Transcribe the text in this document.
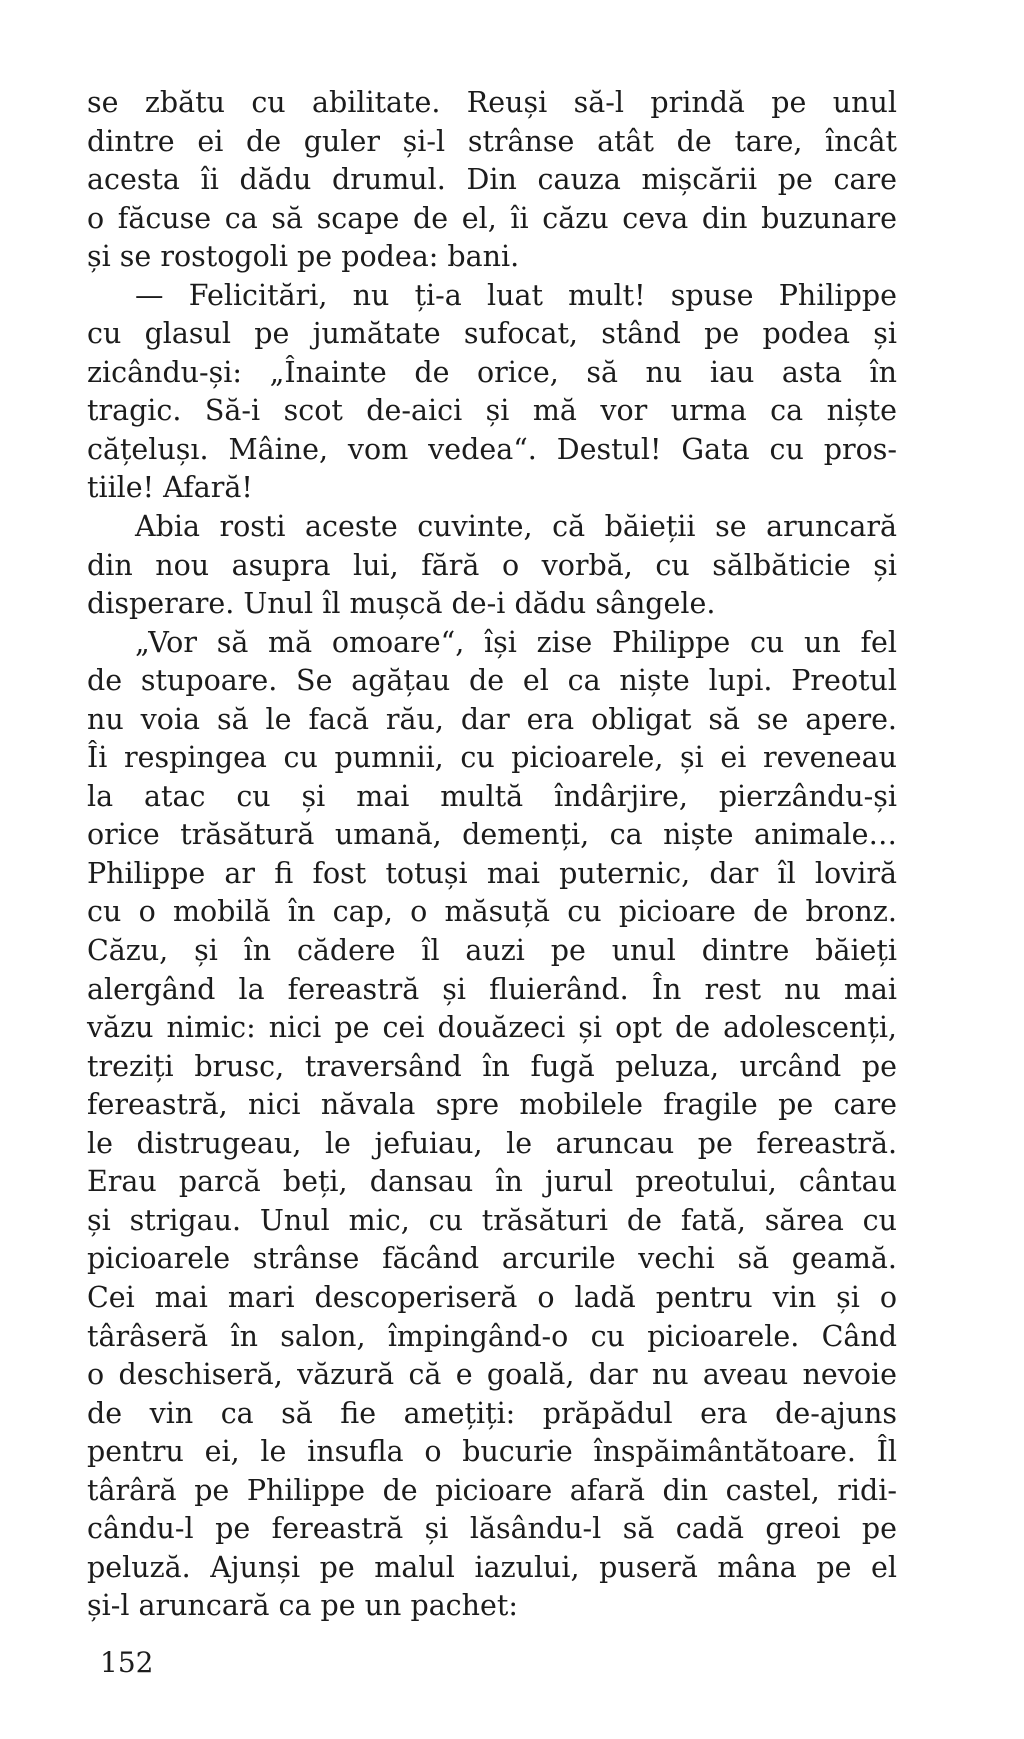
se zbătu cu abilitate. Reuși să-l prindă pe unul
dintre ei de guler și-l strânse atât de tare, încât
acesta îi dădu drumul. Din cauza mișcării pe care
o făcuse ca să scape de el, îi căzu ceva din buzunare
și se rostogoli pe podea: bani.
— Felicitări, nu ți-a luat mult! spuse Philippe
cu glasul pe jumătate sufocat, stând pe podea și
zicându-și: „Înainte de orice, să nu iau asta în
tragic. Să-i scot de-aici și mă vor urma ca niște
cățelușı. Mâine, vom vedea“. Destul! Gata cu pros-
tiile! Afară!
Abia rosti aceste cuvinte, că băieții se aruncară
din nou asupra lui, fără o vorbă, cu sălbăticie și
disperare. Unul îl mușcă de-i dădu sângele.
„Vor să mă omoare“, își zise Philippe cu un fel
de stupoare. Se agățau de el ca niște lupi. Preotul
nu voia să le facă rău, dar era obligat să se apere.
Îi respingea cu pumnii, cu picioarele, și ei reveneau
la atac cu și mai multă îndârjire, pierzându-și
orice trăsătură umană, demenți, ca niște animale…
Philippe ar fi fost totuși mai puternic, dar îl loviră
cu o mobilă în cap, o măsuță cu picioare de bronz.
Căzu, și în cădere îl auzi pe unul dintre băieți
alergând la fereastră și fluierând. În rest nu mai
văzu nimic: nici pe cei douăzeci și opt de adolescenți,
treziți brusc, traversând în fugă peluza, urcând pe
fereastră, nici năvala spre mobilele fragile pe care
le distrugeau, le jefuiau, le aruncau pe fereastră.
Erau parcă beți, dansau în jurul preotului, cântau
și strigau. Unul mic, cu trăsături de fată, sărea cu
picioarele strânse făcând arcurile vechi să geamă.
Cei mai mari descoperiseră o ladă pentru vin și o
târâseră în salon, împingând-o cu picioarele. Când
o deschiseră, văzură că e goală, dar nu aveau nevoie
de vin ca să fie amețiți: prăpădul era de-ajuns
pentru ei, le insufla o bucurie înspăimântătoare. Îl
târâră pe Philippe de picioare afară din castel, ridi-
cându-l pe fereastră și lăsându-l să cadă greoi pe
peluză. Ajunși pe malul iazului, puseră mâna pe el
și-l aruncară ca pe un pachet:
152
